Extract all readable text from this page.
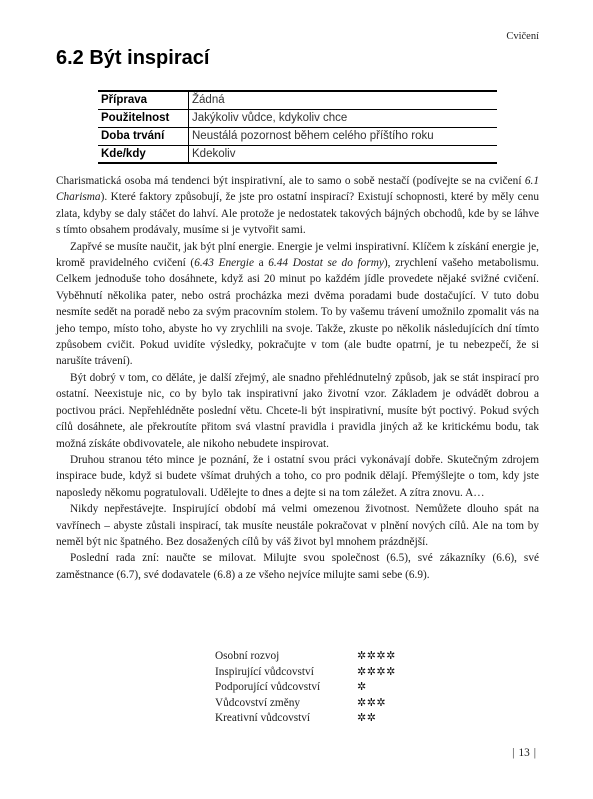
Cvičení
6.2 Být inspirací
Příprava	Žádná
Použitelnost	Jakýkoliv vůdce, kdykoliv chce
Doba trvání	Neustálá pozornost během celého příštího roku
Kde/kdy	Kdekoliv

Charismatická osoba má tendenci být inspirativní, ale to samo o sobě nestačí (podívejte se na cvičení 6.1 Charisma). Které faktory způsobují, že jste pro ostatní inspirací? Existují schopnosti, které by měly cenu zlata, kdyby se daly stáčet do lahví. Ale protože je nedostatek takových bájných obchodů, kde by se láhve s tímto obsahem prodávaly, musíme si je vytvořit sami.

Zapřvé se musíte naučit, jak být plní energie. Energie je velmi inspirativní. Klíčem k získání energie je, kromě pravidelného cvičení (6.43 Energie a 6.44 Dostat se do formy), zrychlení vašeho metabolismu. Celkem jednoduše toho dosáhnete, když asi 20 minut po každém jídle provedete nějaké svižné cvičení. Vyběhnutí několika pater, nebo ostrá procházka mezi dvěma poradami bude dostačující. V tuto dobu nesmíte sedět na poradě nebo za svým pracovním stolem. To by vašemu trávení umožnilo zpomalit vás na jeho tempo, místo toho, abyste ho vy zrychlili na svoje. Takže, zkuste po několik následujících dní tímto způsobem cvičit. Pokud uvidíte výsledky, pokračujte v tom (ale budte opatrní, je tu nebezpečí, že si narušíte trávení).

Být dobrý v tom, co děláte, je další zřejmý, ale snadno přehlédnutelný způsob, jak se stát inspirací pro ostatní. Neexistuje nic, co by bylo tak inspirativní jako životní vzor. Základem je odvádět dobrou a poctivou práci. Nepřehlédněte poslední větu. Chcete-li být inspirativní, musíte být poctivý. Pokud svých cílů dosáhnete, ale překroutíte přitom svá vlastní pravidla i pravidla jiných až ke kritickému bodu, tak možná získáte obdivovatele, ale nikoho nebudete inspirovat.

Druhou stranou této mince je poznání, že i ostatní svou práci vykonávají dobře. Skutečným zdrojem inspirace bude, když si budete všímat druhých a toho, co pro podnik dělají. Přemýšlejte o tom, kdy jste naposledy někomu pogratulovali. Udělejte to dnes a dejte si na tom záležet. A zítra znovu. A…

Nikdy nepřestávejte. Inspirující období má velmi omezenou životnost. Nemůžete dlouho spát na vavřínech – abyste zůstali inspirací, tak musíte neustále pokračovat v plnění nových cílů. Ale na tom by neměl být nic špatného. Bez dosažených cílů by váš život byl mnohem prázdnější.

Poslední rada zní: naučte se milovat. Milujte svou společnost (6.5), své zákazníky (6.6), své zaměstnance (6.7), své dodavatele (6.8) a ze všeho nejvíce milujte sami sebe (6.9).

Osobní rozvoj	✲✲✲✲
Inspirující vůdcovství	✲✲✲✲
Podporující vůdcovství	✲
Vůdcovství změny	✲✲✲
Kreativní vůdcovství	✲✲
| 13 |
